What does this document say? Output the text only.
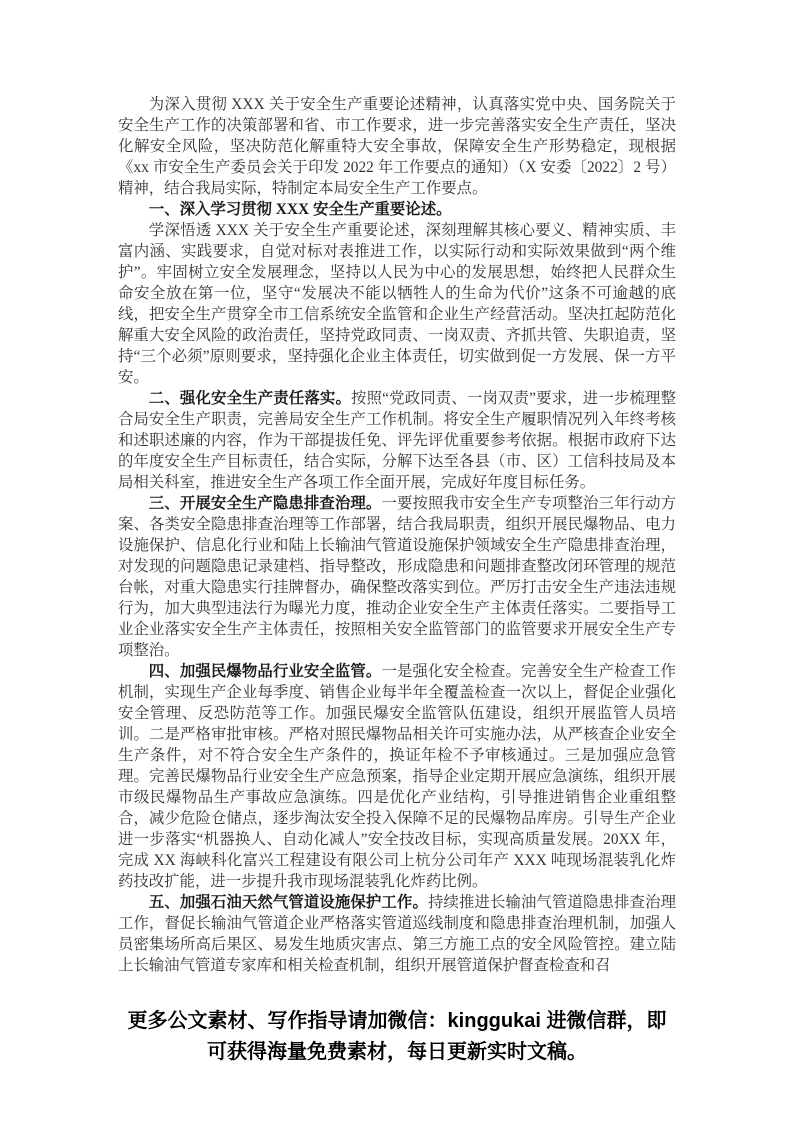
为深入贯彻 XXX 关于安全生产重要论述精神，认真落实党中央、国务院关于安全生产工作的决策部署和省、市工作要求，进一步完善落实安全生产责任，坚决化解安全风险，坚决防范化解重特大安全事故，保障安全生产形势稳定，现根据《xx 市安全生产委员会关于印发 2022 年工作要点的通知）（X 安委〔2022〕2 号）精神，结合我局实际，特制定本局安全生产工作要点。

一、深入学习贯彻 XXX 安全生产重要论述。

学深悟透 XXX 关于安全生产重要论述，深刻理解其核心要义、精神实质、丰富内涵、实践要求，自觉对标对表推进工作，以实际行动和实际效果做到“两个维护”。牢固树立安全发展理念，坚持以人民为中心的发展思想，始终把人民群众生命安全放在第一位，坚守“发展决不能以牺牲人的生命为代价”这条不可逾越的底线，把安全生产贯穿全市工信系统安全监管和企业生产经营活动。坚决扛起防范化解重大安全风险的政治责任，坚持党政同责、一岗双责、齐抓共管、失职追责，坚持“三个必须”原则要求，坚持强化企业主体责任，切实做到促一方发展、保一方平安。

二、强化安全生产责任落实。按照“党政同责、一岗双责”要求，进一步梳理整合局安全生产职责，完善局安全生产工作机制。将安全生产履职情况列入年终考核和述职述廉的内容，作为干部提拔任免、评先评优重要参考依据。根据市政府下达的年度安全生产目标责任，结合实际，分解下达至各县（市、区）工信科技局及本局相关科室，推进安全生产各项工作全面开展，完成好年度目标任务。

三、开展安全生产隐患排查治理。一要按照我市安全生产专项整治三年行动方案、各类安全隐患排查治理等工作部署，结合我局职责，组织开展民爆物品、电力设施保护、信息化行业和陆上长输油气管道设施保护领域安全生产隐患排查治理，对发现的问题隐患记录建档、指导整改，形成隐患和问题排查整改闭环管理的规范台帐，对重大隐患实行挂牌督办，确保整改落实到位。严厉打击安全生产违法违规行为，加大典型违法行为曝光力度，推动企业安全生产主体责任落实。二要指导工业企业落实安全生产主体责任，按照相关安全监管部门的监管要求开展安全生产专项整治。

四、加强民爆物品行业安全监管。一是强化安全检查。完善安全生产检查工作机制，实现生产企业每季度、销售企业每半年全覆盖检查一次以上，督促企业强化安全管理、反恐防范等工作。加强民爆安全监管队伍建设，组织开展监管人员培训。二是严格审批审核。严格对照民爆物品相关许可实施办法，从严核查企业安全生产条件，对不符合安全生产条件的，换证年检不予审核通过。三是加强应急管理。完善民爆物品行业安全生产应急预案，指导企业定期开展应急演练，组织开展市级民爆物品生产事故应急演练。四是优化产业结构，引导推进销售企业重组整合，减少危险仓储点，逐步淘汰安全投入保障不足的民爆物品库房。引导生产企业进一步落实“机器换人、自动化减人”安全技改目标，实现高质量发展。20XX 年，完成 XX 海峡科化富兴工程建设有限公司上杭分公司年产 XXX 吨现场混装乳化炸药技改扩能，进一步提升我市现场混装乳化炸药比例。

五、加强石油天然气管道设施保护工作。持续推进长输油气管道隐患排查治理工作，督促长输油气管道企业严格落实管道巡线制度和隐患排查治理机制，加强人员密集场所高后果区、易发生地质灾害点、第三方施工点的安全风险管控。建立陆上长输油气管道专家库和相关检查机制，组织开展管道保护督查检查和召

更多公文素材、写作指导请加微信：kinggukai 进微信群，即可获得海量免费素材，每日更新实时文稿。
